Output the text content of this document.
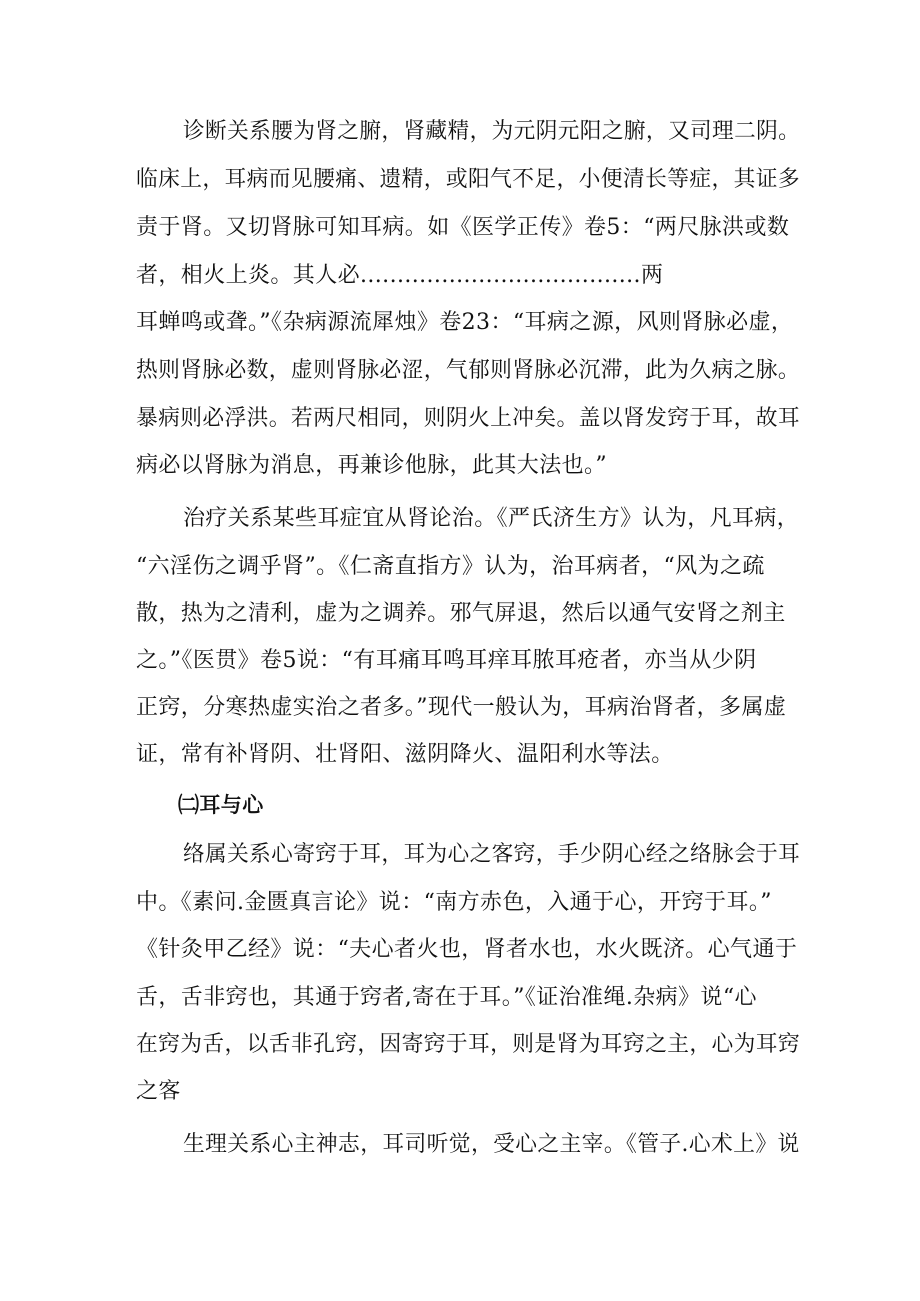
诊断关系腰为肾之腑，肾藏精，为元阴元阳之腑，又司理二阴。
临床上，耳病而见腰痛、遗精，或阳气不足，小便清长等症，其证多
责于肾。又切肾脉可知耳病。如《医学正传》卷5：“两尺脉洪或数
者，相火上炎。其人必......................................两
耳蝉鸣或聋。”《杂病源流犀烛》卷23：“耳病之源，风则肾脉必虚，
热则肾脉必数，虚则肾脉必涩，气郁则肾脉必沉滞，此为久病之脉。
暴病则必浮洪。若两尺相同，则阴火上冲矣。盖以肾发窍于耳，故耳
病必以肾脉为消息，再兼诊他脉，此其大法也。”
治疗关系某些耳症宜从肾论治。《严氏济生方》认为，凡耳病，
“六淫伤之调乎肾”。《仁斋直指方》认为，治耳病者，“风为之疏
散，热为之清利，虚为之调养。邪气屏退，然后以通气安肾之剂主
之。”《医贯》卷5说：“有耳痛耳鸣耳痒耳脓耳疮者，亦当从少阴
正窍，分寒热虚实治之者多。”现代一般认为，耳病治肾者，多属虚
证，常有补肾阴、壮肾阳、滋阴降火、温阳利水等法。
㈡耳与心
络属关系心寄窍于耳，耳为心之客窍，手少阴心经之络脉会于耳
中。《素问.金匮真言论》说：“南方赤色，入通于心，开窍于耳。”
《针灸甲乙经》说：“夫心者火也，肾者水也，水火既济。心气通于
舌，舌非窍也，其通于窍者,寄在于耳。”《证治准绳.杂病》说“心
在窍为舌，以舌非孔窍，因寄窍于耳，则是肾为耳窍之主，心为耳窍
之客
生理关系心主神志，耳司听觉，受心之主宰。《管子.心术上》说
